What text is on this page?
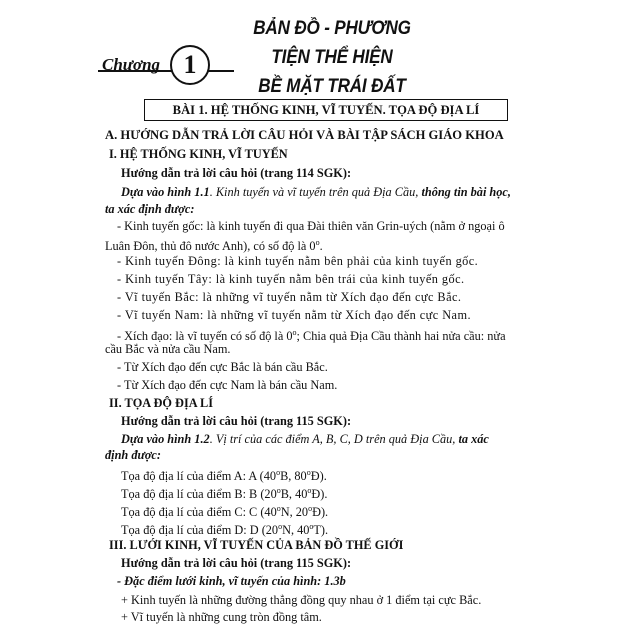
Chương 1
BẢN ĐỒ - PHƯƠNG TIỆN THỂ HIỆN
BỀ MẶT TRÁI ĐẤT
BÀI 1. HỆ THỐNG KINH, VĨ TUYẾN. TỌA ĐỘ ĐỊA LÍ
A. HƯỚNG DẪN TRẢ LỜI CÂU HỎI VÀ BÀI TẬP SÁCH GIÁO KHOA
I. HỆ THỐNG KINH, VĨ TUYẾN
Hướng dẫn trả lời câu hỏi (trang 114 SGK):
Dựa vào hình 1.1. Kinh tuyến và vĩ tuyến trên quả Địa Cầu, thông tin bài học,
ta xác định được:
- Kinh tuyến gốc: là kinh tuyến đi qua Đài thiên văn Grin-uých (nằm ở ngoại ô
Luân Đôn, thủ đô nước Anh), có số độ là 0$^o$.
- Kinh tuyến Đông: là kinh tuyến nằm bên phải của kinh tuyến gốc.
- Kinh tuyến Tây: là kinh tuyến nằm bên trái của kinh tuyến gốc.
- Vĩ tuyến Bắc: là những vĩ tuyến nằm từ Xích đạo đến cực Bắc.
- Vĩ tuyến Nam: là những vĩ tuyến nằm từ Xích đạo đến cực Nam.
- Xích đạo: là vĩ tuyến có số độ là 0$^o$; Chia quả Địa Cầu thành hai nửa cầu: nửa
cầu Bắc và nửa cầu Nam.
- Từ Xích đạo đến cực Bắc là bán cầu Bắc.
- Từ Xích đạo đến cực Nam là bán cầu Nam.
II. TỌA ĐỘ ĐỊA LÍ
Hướng dẫn trả lời câu hỏi (trang 115 SGK):
Dựa vào hình 1.2. Vị trí của các điểm A, B, C, D trên quả Địa Cầu, ta xác
định được:
Tọa độ địa lí của điểm A: A (40$^o$B, 80$^o$Đ).
Tọa độ địa lí của điểm B: B (20$^o$B, 40$^o$Đ).
Tọa độ địa lí của điểm C: C (40$^o$N, 20$^o$Đ).
Tọa độ địa lí của điểm D: D (20$^o$N, 40$^o$T).
III. LƯỚI KINH, VĨ TUYẾN CỦA BẢN ĐỒ THẾ GIỚI
Hướng dẫn trả lời câu hỏi (trang 115 SGK):
- Đặc điểm lưới kinh, vĩ tuyến của hình: 1.3b
+ Kinh tuyến là những đường thẳng đồng quy nhau ở 1 điểm tại cực Bắc.
+ Vĩ tuyến là những cung tròn đồng tâm.
